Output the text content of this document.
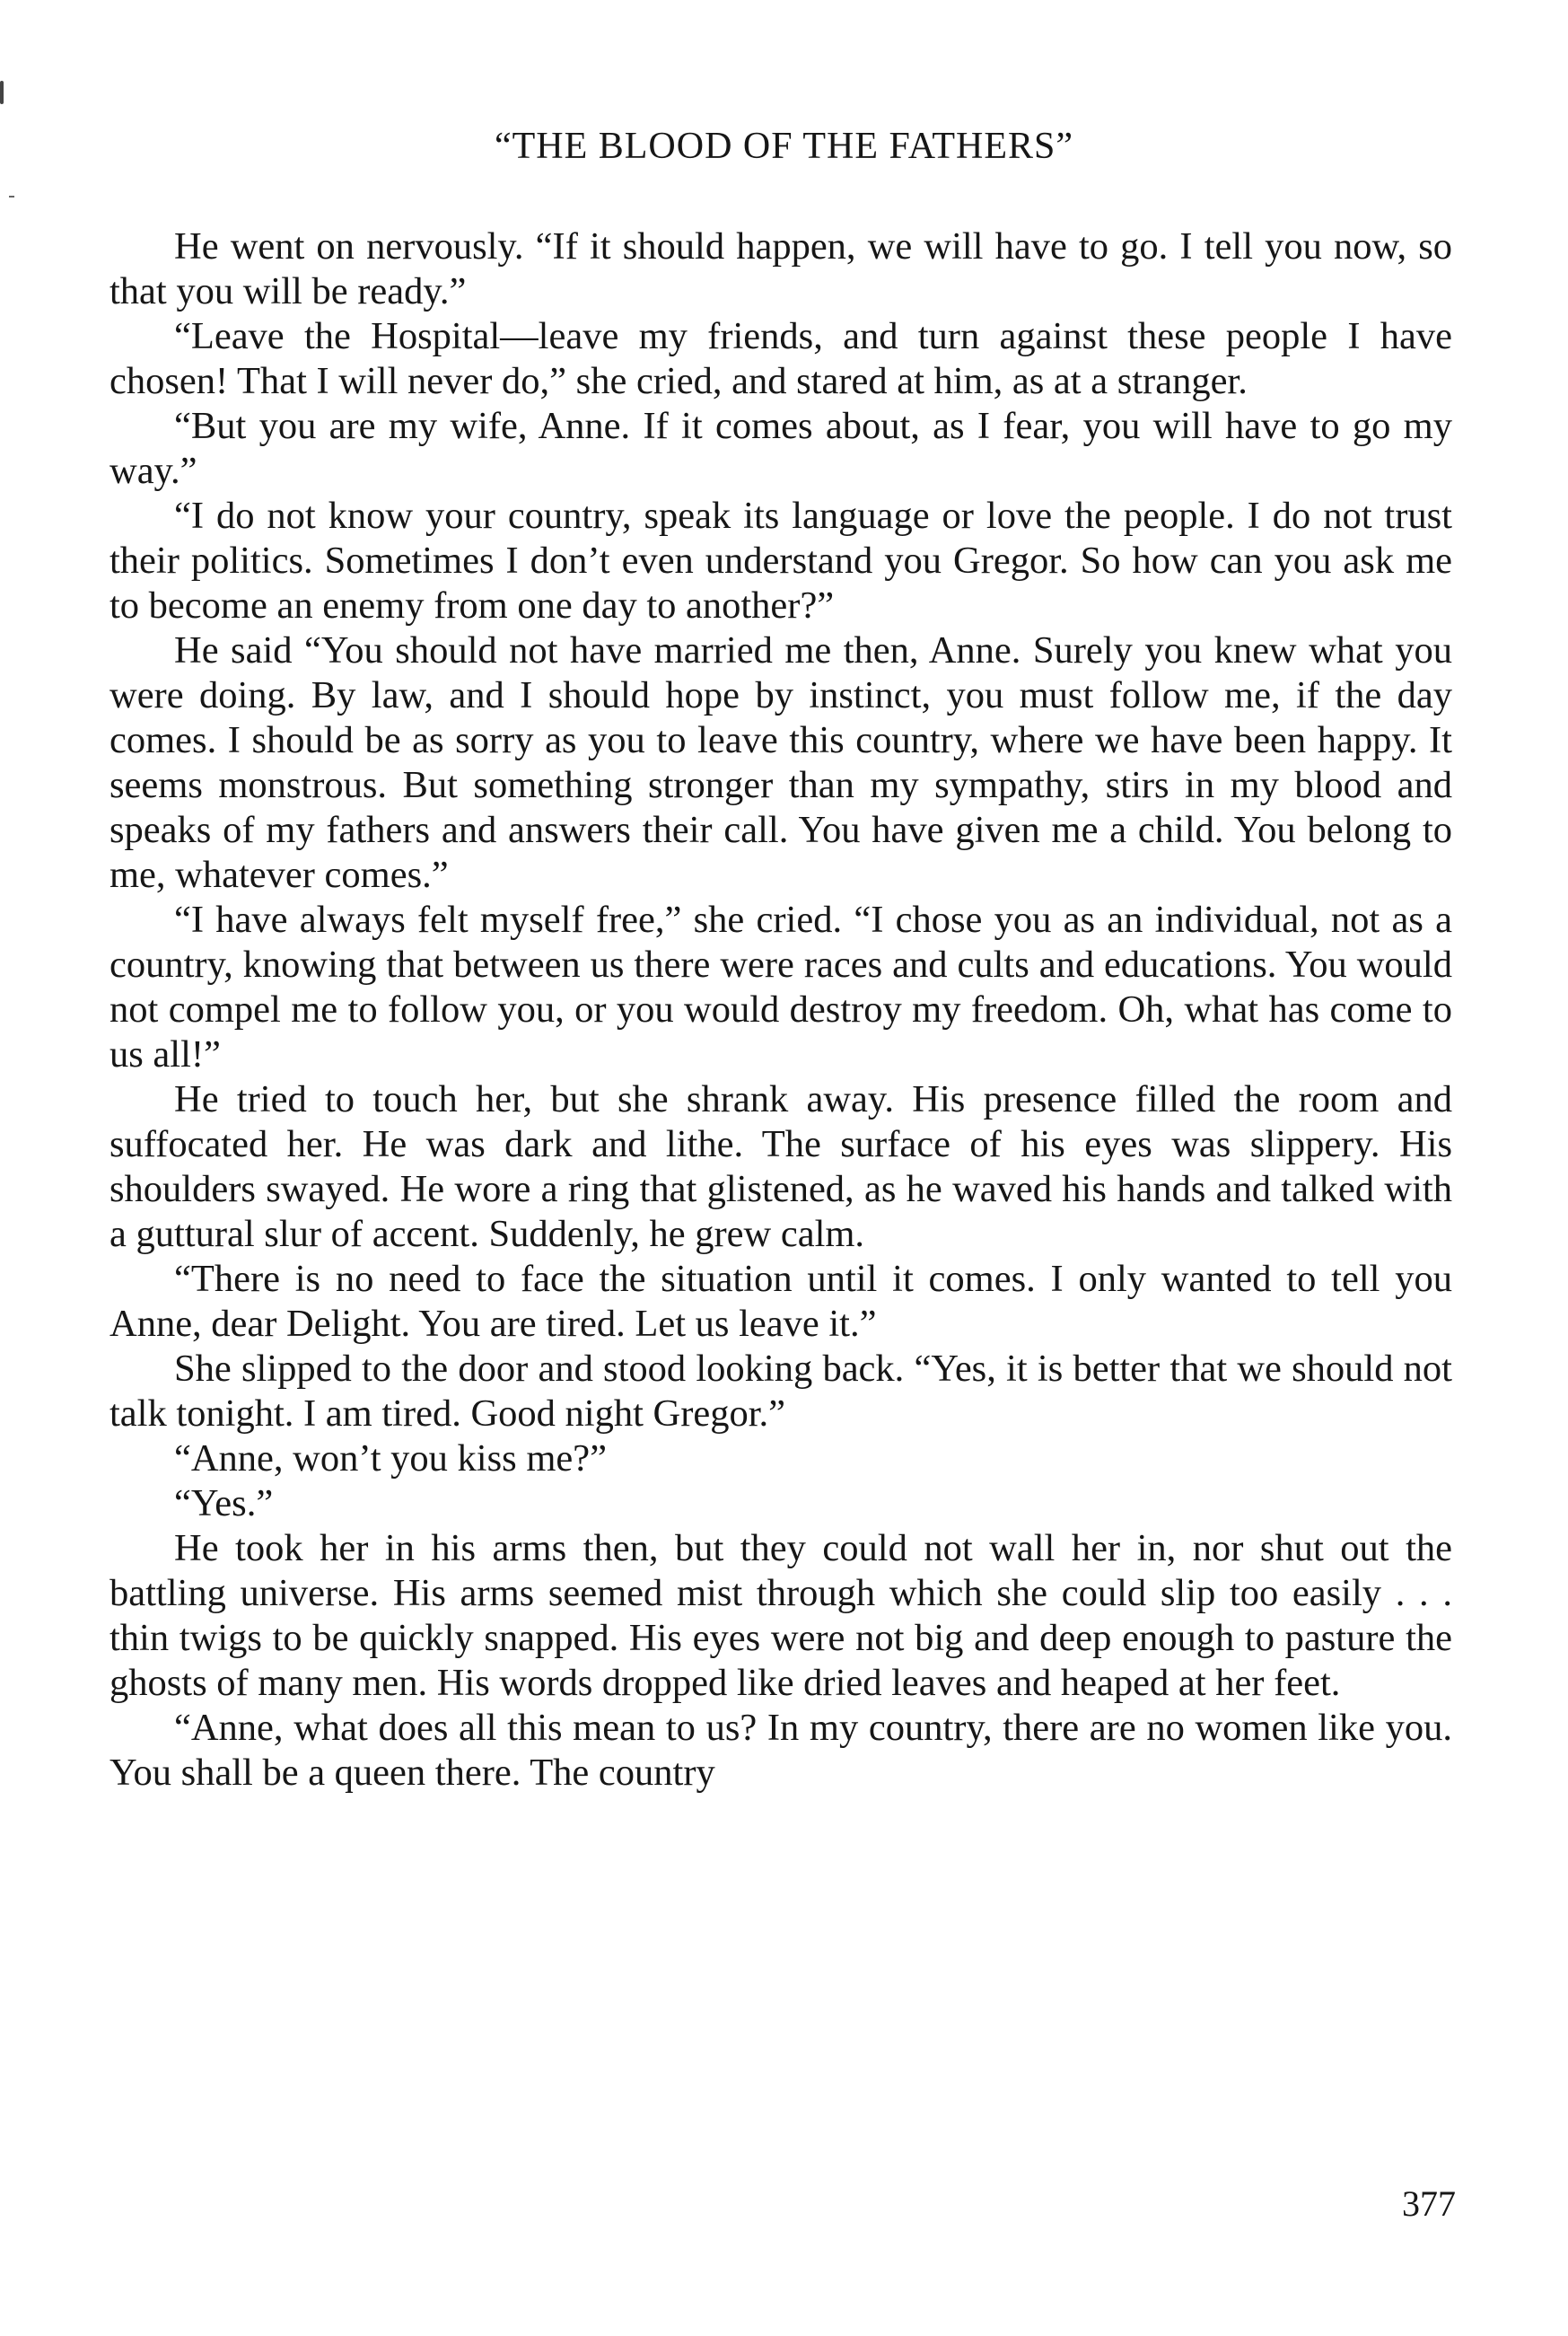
“THE BLOOD OF THE FATHERS”

He went on nervously. “If it should happen, we will have to go. I tell you now, so that you will be ready.”

“Leave the Hospital—leave my friends, and turn against these people I have chosen! That I will never do,” she cried, and stared at him, as at a stranger.

“But you are my wife, Anne. If it comes about, as I fear, you will have to go my way.”

“I do not know your country, speak its language or love the people. I do not trust their politics. Sometimes I don’t even understand you Gregor. So how can you ask me to become an enemy from one day to another?”

He said “You should not have married me then, Anne. Surely you knew what you were doing. By law, and I should hope by instinct, you must follow me, if the day comes. I should be as sorry as you to leave this country, where we have been happy. It seems monstrous. But something stronger than my sympathy, stirs in my blood and speaks of my fathers and answers their call. You have given me a child. You belong to me, whatever comes.”

“I have always felt myself free,” she cried. “I chose you as an individual, not as a country, knowing that between us there were races and cults and educations. You would not compel me to follow you, or you would destroy my freedom. Oh, what has come to us all!”

He tried to touch her, but she shrank away. His presence filled the room and suffocated her. He was dark and lithe. The surface of his eyes was slippery. His shoulders swayed. He wore a ring that glistened, as he waved his hands and talked with a guttural slur of accent. Suddenly, he grew calm.

“There is no need to face the situation until it comes. I only wanted to tell you Anne, dear Delight. You are tired. Let us leave it.”

She slipped to the door and stood looking back. “Yes, it is better that we should not talk tonight. I am tired. Good night Gregor.”

“Anne, won’t you kiss me?”

“Yes.”

He took her in his arms then, but they could not wall her in, nor shut out the battling universe. His arms seemed mist through which she could slip too easily . . . thin twigs to be quickly snapped. His eyes were not big and deep enough to pasture the ghosts of many men. His words dropped like dried leaves and heaped at her feet.

“Anne, what does all this mean to us? In my country, there are no women like you. You shall be a queen there. The country

377
